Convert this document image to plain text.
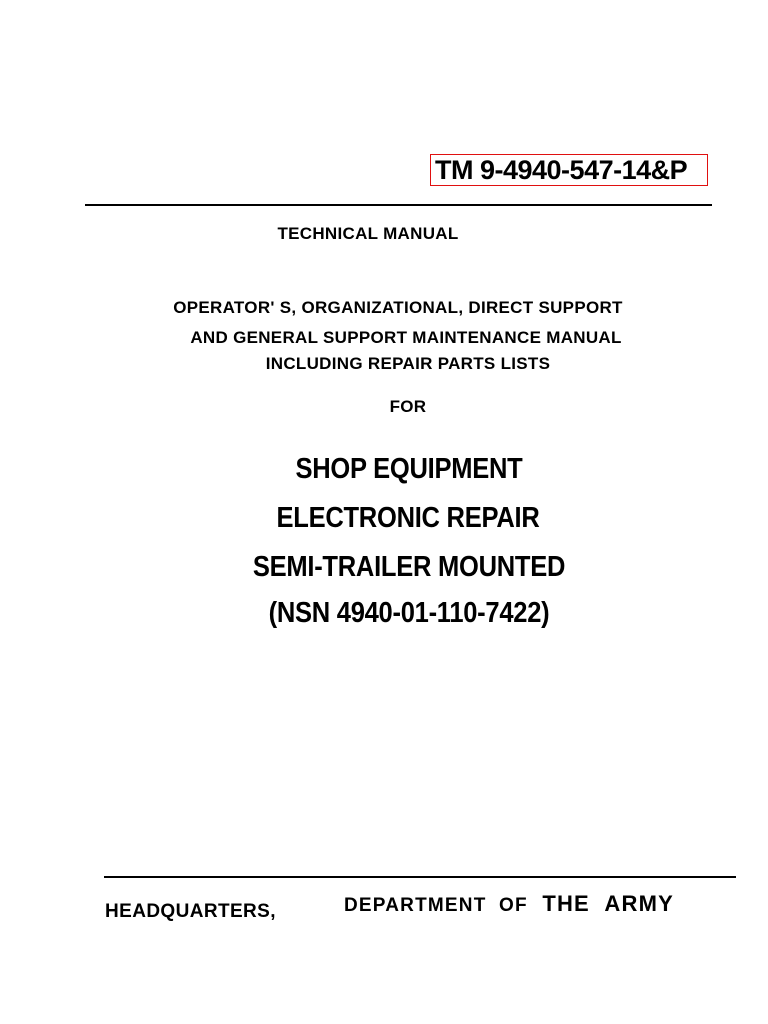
TM 9-4940-547-14&P
TECHNICAL MANUAL
OPERATOR' S, ORGANIZATIONAL, DIRECT SUPPORT
AND GENERAL SUPPORT MAINTENANCE MANUAL
INCLUDING REPAIR PARTS LISTS
FOR
SHOP EQUIPMENT
ELECTRONIC REPAIR
SEMI-TRAILER MOUNTED
(NSN 4940-01-110-7422)
HEADQUARTERS,	DEPARTMENT OF THE ARMY
